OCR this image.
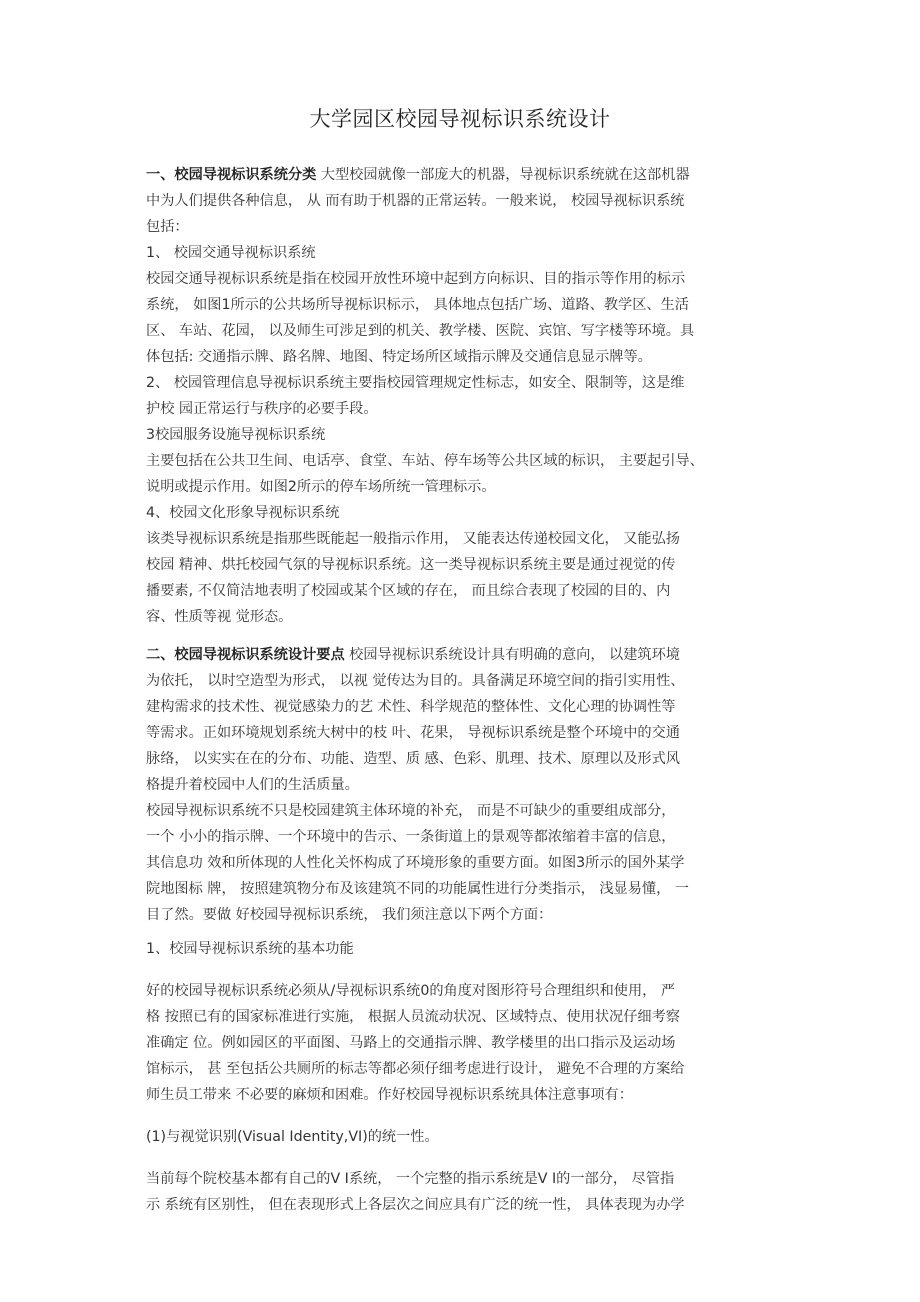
大学园区校园导视标识系统设计
一、校园导视标识系统分类 大型校园就像一部庞大的机器，导视标识系统就在这部机器
中为人们提供各种信息， 从 而有助于机器的正常运转。一般来说， 校园导视标识系统
包括：
1、 校园交通导视标识系统
校园交通导视标识系统是指在校园开放性环境中起到方向标识、目的指示等作用的标示
系统， 如图1所示的公共场所导视标识标示， 具体地点包括广场、道路、教学区、生活
区、 车站、花园， 以及师生可涉足到的机关、教学楼、医院、宾馆、写字楼等环境。具
体包括: 交通指示牌、路名牌、地图、特定场所区域指示牌及交通信息显示牌等。
2、 校园管理信息导视标识系统主要指校园管理规定性标志，如安全、限制等，这是维
护校 园正常运行与秩序的必要手段。
3校园服务设施导视标识系统
主要包括在公共卫生间、电话亭、食堂、车站、停车场等公共区域的标识， 主要起引导、
说明或提示作用。如图2所示的停车场所统一管理标示。
4、校园文化形象导视标识系统
该类导视标识系统是指那些既能起一般指示作用， 又能表达传递校园文化， 又能弘扬
校园 精神、烘托校园气氛的导视标识系统。这一类导视标识系统主要是通过视觉的传
播要素, 不仅简洁地表明了校园或某个区域的存在， 而且综合表现了校园的目的、内
容、性质等视 觉形态。
二、校园导视标识系统设计要点 校园导视标识系统设计具有明确的意向， 以建筑环境
为依托， 以时空造型为形式， 以视 觉传达为目的。具备满足环境空间的指引实用性、
建构需求的技术性、视觉感染力的艺 术性、科学规范的整体性、文化心理的协调性等
等需求。正如环境规划系统大树中的枝 叶、花果， 导视标识系统是整个环境中的交通
脉络， 以实实在在的分布、功能、造型、质 感、色彩、肌理、技术、原理以及形式风
格提升着校园中人们的生活质量。
校园导视标识系统不只是校园建筑主体环境的补充， 而是不可缺少的重要组成部分，
一个 小小的指示牌、一个环境中的告示、一条街道上的景观等都浓缩着丰富的信息，
其信息功 效和所体现的人性化关怀构成了环境形象的重要方面。如图3所示的国外某学
院地图标 牌， 按照建筑物分布及该建筑不同的功能属性进行分类指示， 浅显易懂， 一
目了然。要做 好校园导视标识系统， 我们须注意以下两个方面：
1、校园导视标识系统的基本功能
好的校园导视标识系统必须从/导视标识系统0的角度对图形符号合理组织和使用， 严
格 按照已有的国家标准进行实施， 根据人员流动状况、区域特点、使用状况仔细考察
准确定 位。例如园区的平面图、马路上的交通指示牌、教学楼里的出口指示及运动场
馆标示， 甚 至包括公共厕所的标志等都必须仔细考虑进行设计， 避免不合理的方案给
师生员工带来 不必要的麻烦和困难。作好校园导视标识系统具体注意事项有：
(1)与视觉识别(Visual Identity,VI)的统一性。
当前每个院校基本都有自己的V I系统， 一个完整的指示系统是V I的一部分， 尽管指
示 系统有区别性， 但在表现形式上各层次之间应具有广泛的统一性， 具体表现为办学
